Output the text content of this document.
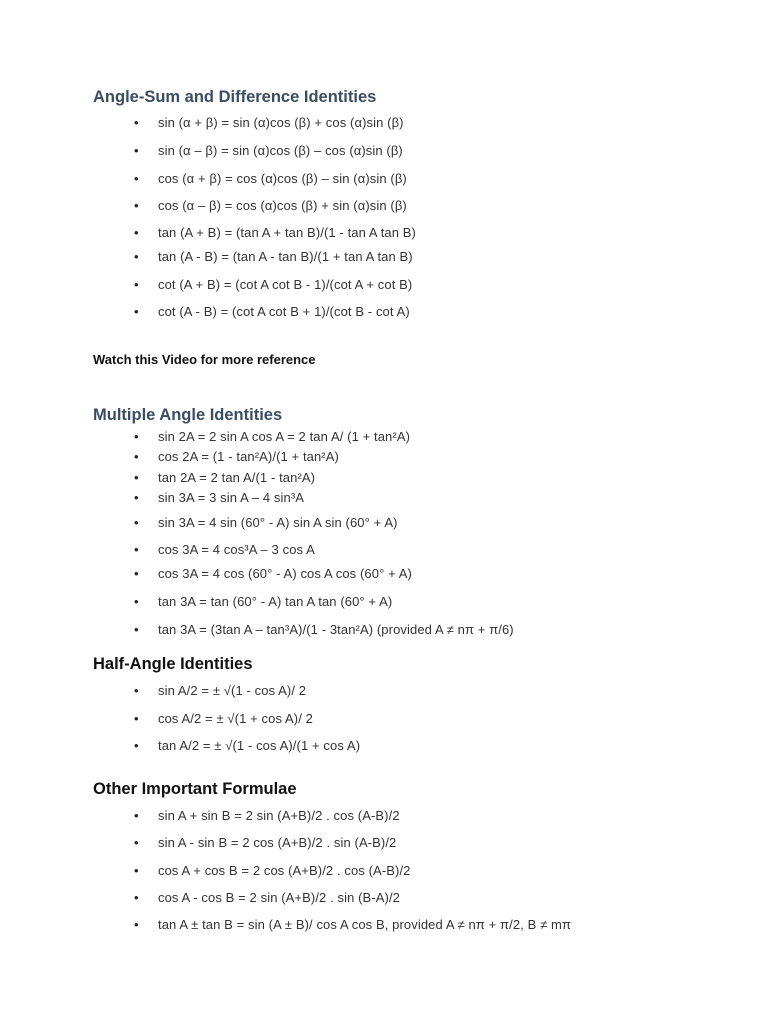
Angle-Sum and Difference Identities
•	sin (α + β) = sin (α)cos (β) + cos (α)sin (β)
•	sin (α – β) = sin (α)cos (β) – cos (α)sin (β)
•	cos (α + β) = cos (α)cos (β) – sin (α)sin (β)
•	cos (α – β) = cos (α)cos (β) + sin (α)sin (β)
•	tan (A + B) = (tan A + tan B)/(1 - tan A tan B)
•	tan (A - B) = (tan A - tan B)/(1 + tan A tan B)
•	cot (A + B) = (cot A cot B - 1)/(cot A + cot B)
•	cot (A - B) = (cot A cot B + 1)/(cot B - cot A)
Watch this Video for more reference
Multiple Angle Identities
•	sin 2A = 2 sin A cos A = 2 tan A/ (1 + tan²A)
•	cos 2A = (1 - tan²A)/(1 + tan²A)
•	tan 2A = 2 tan A/(1 - tan²A)
•	sin 3A = 3 sin A – 4 sin³A
•	sin 3A = 4 sin (60° - A) sin A sin (60° + A)
•	cos 3A = 4 cos³A – 3 cos A
•	cos 3A = 4 cos (60° - A) cos A cos (60° + A)
•	tan 3A = tan (60° - A) tan A tan (60° + A)
•	tan 3A = (3tan A – tan³A)/(1 - 3tan²A) (provided A ≠ nπ + π/6)
Half-Angle Identities
•	sin A/2 = ± √(1 - cos A)/ 2
•	cos A/2 = ± √(1 + cos A)/ 2
•	tan A/2 = ± √(1 - cos A)/(1 + cos A)
Other Important Formulae
•	sin A + sin B = 2 sin (A+B)/2 . cos (A-B)/2
•	sin A - sin B = 2 cos (A+B)/2 . sin (A-B)/2
•	cos A + cos B = 2 cos (A+B)/2 . cos (A-B)/2
•	cos A - cos B = 2 sin (A+B)/2 . sin (B-A)/2
•	tan A ± tan B = sin (A ± B)/ cos A cos B, provided A ≠ nπ + π/2, B ≠ mπ
